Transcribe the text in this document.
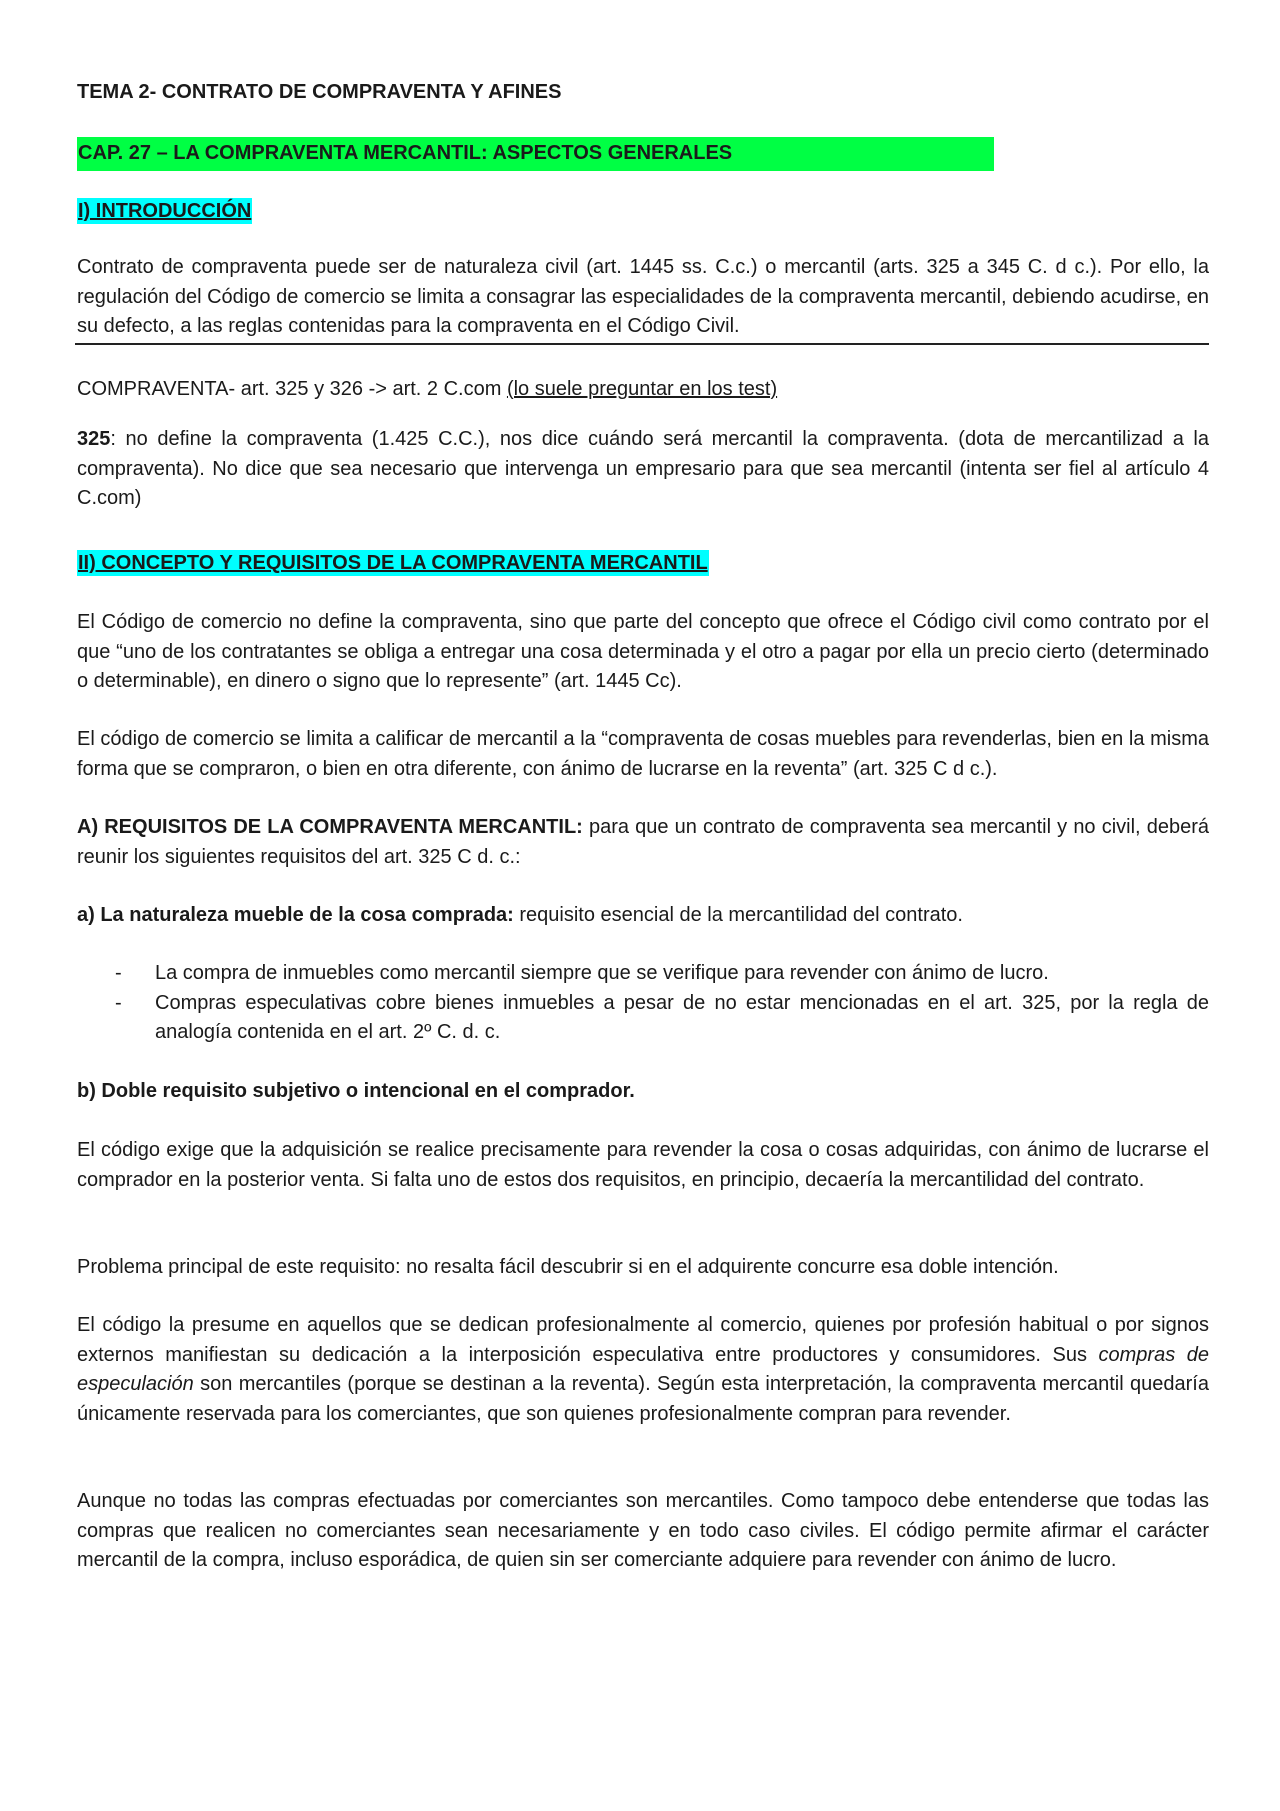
TEMA 2- CONTRATO DE COMPRAVENTA Y AFINES

CAP. 27 – LA COMPRAVENTA MERCANTIL: ASPECTOS GENERALES

I) INTRODUCCIÓN

Contrato de compraventa puede ser de naturaleza civil (art. 1445 ss. C.c.) o mercantil (arts. 325 a 345 C. d c.). Por ello, la regulación del Código de comercio se limita a consagrar las especialidades de la compraventa mercantil, debiendo acudirse, en su defecto, a las reglas contenidas para la compraventa en el Código Civil.

COMPRAVENTA- art. 325 y 326 -> art. 2 C.com (lo suele preguntar en los test)

325: no define la compraventa (1.425 C.C.), nos dice cuándo será mercantil la compraventa. (dota de mercantilizad a la compraventa). No dice que sea necesario que intervenga un empresario para que sea mercantil (intenta ser fiel al artículo 4 C.com)

II) CONCEPTO Y REQUISITOS DE LA COMPRAVENTA MERCANTIL

El Código de comercio no define la compraventa, sino que parte del concepto que ofrece el Código civil como contrato por el que “uno de los contratantes se obliga a entregar una cosa determinada y el otro a pagar por ella un precio cierto (determinado o determinable), en dinero o signo que lo represente” (art. 1445 Cc).

El código de comercio se limita a calificar de mercantil a la “compraventa de cosas muebles para revenderlas, bien en la misma forma que se compraron, o bien en otra diferente, con ánimo de lucrarse en la reventa” (art. 325 C d c.).

A) REQUISITOS DE LA COMPRAVENTA MERCANTIL: para que un contrato de compraventa sea mercantil y no civil, deberá reunir los siguientes requisitos del art. 325 C d. c.:

a) La naturaleza mueble de la cosa comprada: requisito esencial de la mercantilidad del contrato.

- La compra de inmuebles como mercantil siempre que se verifique para revender con ánimo de lucro.
- Compras especulativas cobre bienes inmuebles a pesar de no estar mencionadas en el art. 325, por la regla de analogía contenida en el art. 2º C. d. c.

b) Doble requisito subjetivo o intencional en el comprador.

El código exige que la adquisición se realice precisamente para revender la cosa o cosas adquiridas, con ánimo de lucrarse el comprador en la posterior venta. Si falta uno de estos dos requisitos, en principio, decaería la mercantilidad del contrato.

Problema principal de este requisito: no resalta fácil descubrir si en el adquirente concurre esa doble intención.

El código la presume en aquellos que se dedican profesionalmente al comercio, quienes por profesión habitual o por signos externos manifiestan su dedicación a la interposición especulativa entre productores y consumidores. Sus compras de especulación son mercantiles (porque se destinan a la reventa). Según esta interpretación, la compraventa mercantil quedaría únicamente reservada para los comerciantes, que son quienes profesionalmente compran para revender.

Aunque no todas las compras efectuadas por comerciantes son mercantiles. Como tampoco debe entenderse que todas las compras que realicen no comerciantes sean necesariamente y en todo caso civiles. El código permite afirmar el carácter mercantil de la compra, incluso esporádica, de quien sin ser comerciante adquiere para revender con ánimo de lucro.
